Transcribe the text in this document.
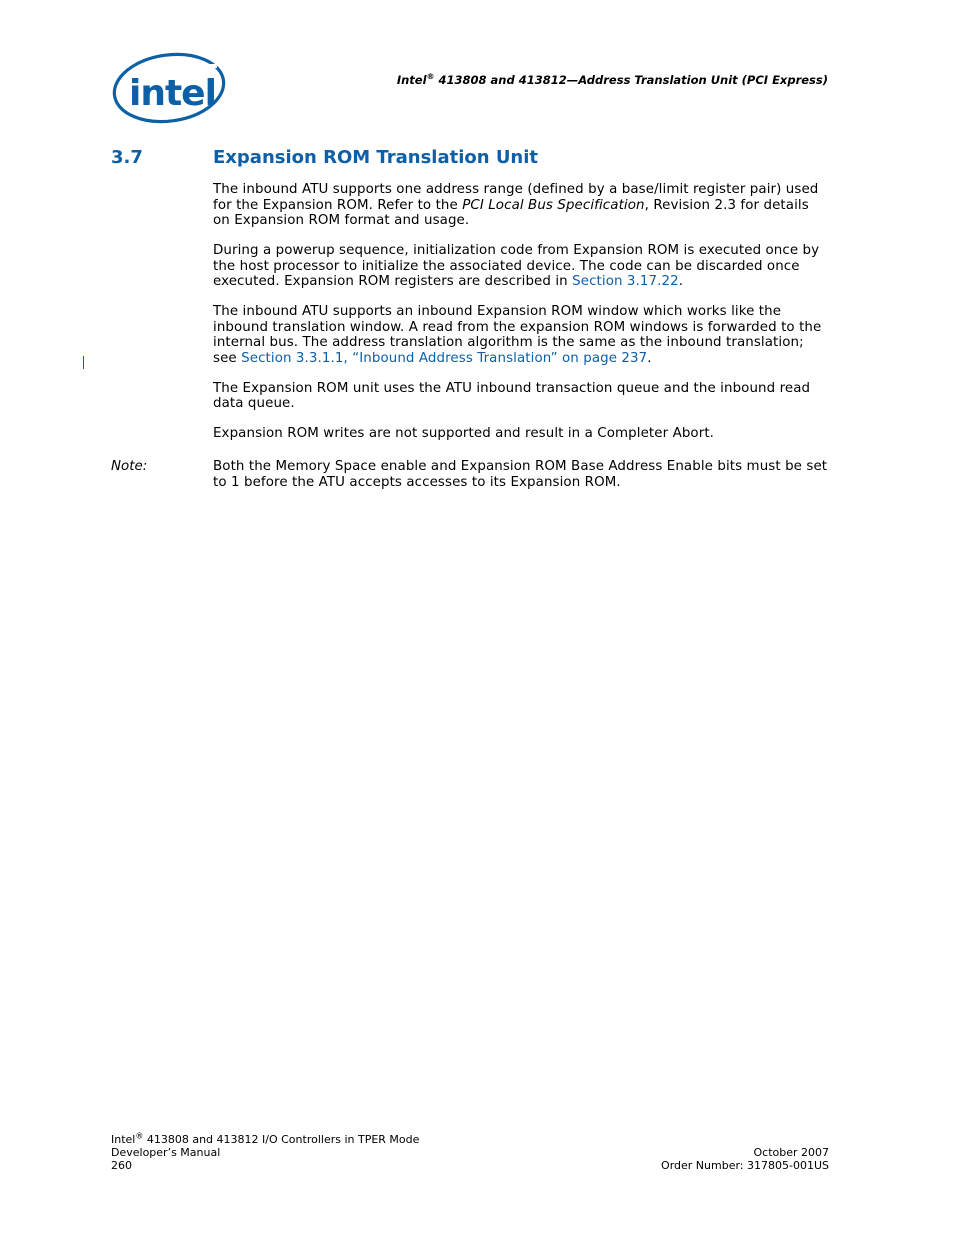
intel	Intel® 413808 and 413812—Address Translation Unit (PCI Express)
3.7	Expansion ROM Translation Unit

The inbound ATU supports one address range (defined by a base/limit register pair) used for the Expansion ROM. Refer to the PCI Local Bus Specification, Revision 2.3 for details on Expansion ROM format and usage.

During a powerup sequence, initialization code from Expansion ROM is executed once by the host processor to initialize the associated device. The code can be discarded once executed. Expansion ROM registers are described in Section 3.17.22.

The inbound ATU supports an inbound Expansion ROM window which works like the inbound translation window. A read from the expansion ROM windows is forwarded to the internal bus. The address translation algorithm is the same as the inbound translation; see Section 3.3.1.1, “Inbound Address Translation” on page 237.

The Expansion ROM unit uses the ATU inbound transaction queue and the inbound read data queue.

Expansion ROM writes are not supported and result in a Completer Abort.

Note:	Both the Memory Space enable and Expansion ROM Base Address Enable bits must be set to 1 before the ATU accepts accesses to its Expansion ROM.
Intel® 413808 and 413812 I/O Controllers in TPER Mode
Developer’s Manual
260
October 2007
Order Number: 317805-001US
